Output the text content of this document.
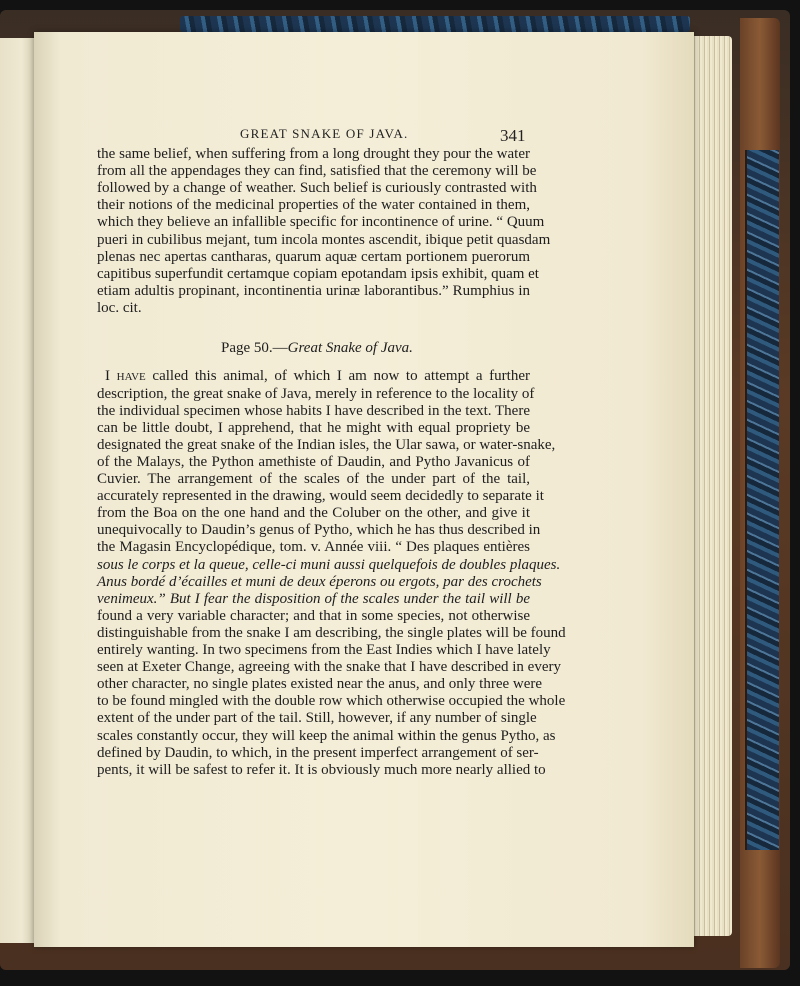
GREAT SNAKE OF JAVA.	341
the same belief, when suffering from a long drought they pour the water
from all the appendages they can find, satisfied that the ceremony will be
followed by a change of weather. Such belief is curiously contrasted with
their notions of the medicinal properties of the water contained in them,
which they believe an infallible specific for incontinence of urine. “ Quum
pueri in cubilibus mejant, tum incola montes ascendit, ibique petit quasdam
plenas nec apertas cantharas, quarum aquæ certam portionem puerorum
capitibus superfundit certamque copiam epotandam ipsis exhibit, quam et
etiam adultis propinant, incontinentia urinæ laborantibus.” Rumphius in
loc. cit.
Page 50.—Great Snake of Java.
I have called this animal, of which I am now to attempt a further
description, the great snake of Java, merely in reference to the locality of
the individual specimen whose habits I have described in the text. There
can be little doubt, I apprehend, that he might with equal propriety be
designated the great snake of the Indian isles, the Ular sawa, or water-snake,
of the Malays, the Python amethiste of Daudin, and Pytho Javanicus of
Cuvier. The arrangement of the scales of the under part of the tail,
accurately represented in the drawing, would seem decidedly to separate it
from the Boa on the one hand and the Coluber on the other, and give it
unequivocally to Daudin’s genus of Pytho, which he has thus described in
the Magasin Encyclopédique, tom. v. Année viii. “ Des plaques entières
sous le corps et la queue, celle-ci muni aussi quelquefois de doubles plaques.
Anus bordé d’écailles et muni de deux éperons ou ergots, par des crochets
venimeux.” But I fear the disposition of the scales under the tail will be
found a very variable character; and that in some species, not otherwise
distinguishable from the snake I am describing, the single plates will be found
entirely wanting. In two specimens from the East Indies which I have lately
seen at Exeter Change, agreeing with the snake that I have described in every
other character, no single plates existed near the anus, and only three were
to be found mingled with the double row which otherwise occupied the whole
extent of the under part of the tail. Still, however, if any number of single
scales constantly occur, they will keep the animal within the genus Pytho, as
defined by Daudin, to which, in the present imperfect arrangement of ser-
pents, it will be safest to refer it. It is obviously much more nearly allied to
